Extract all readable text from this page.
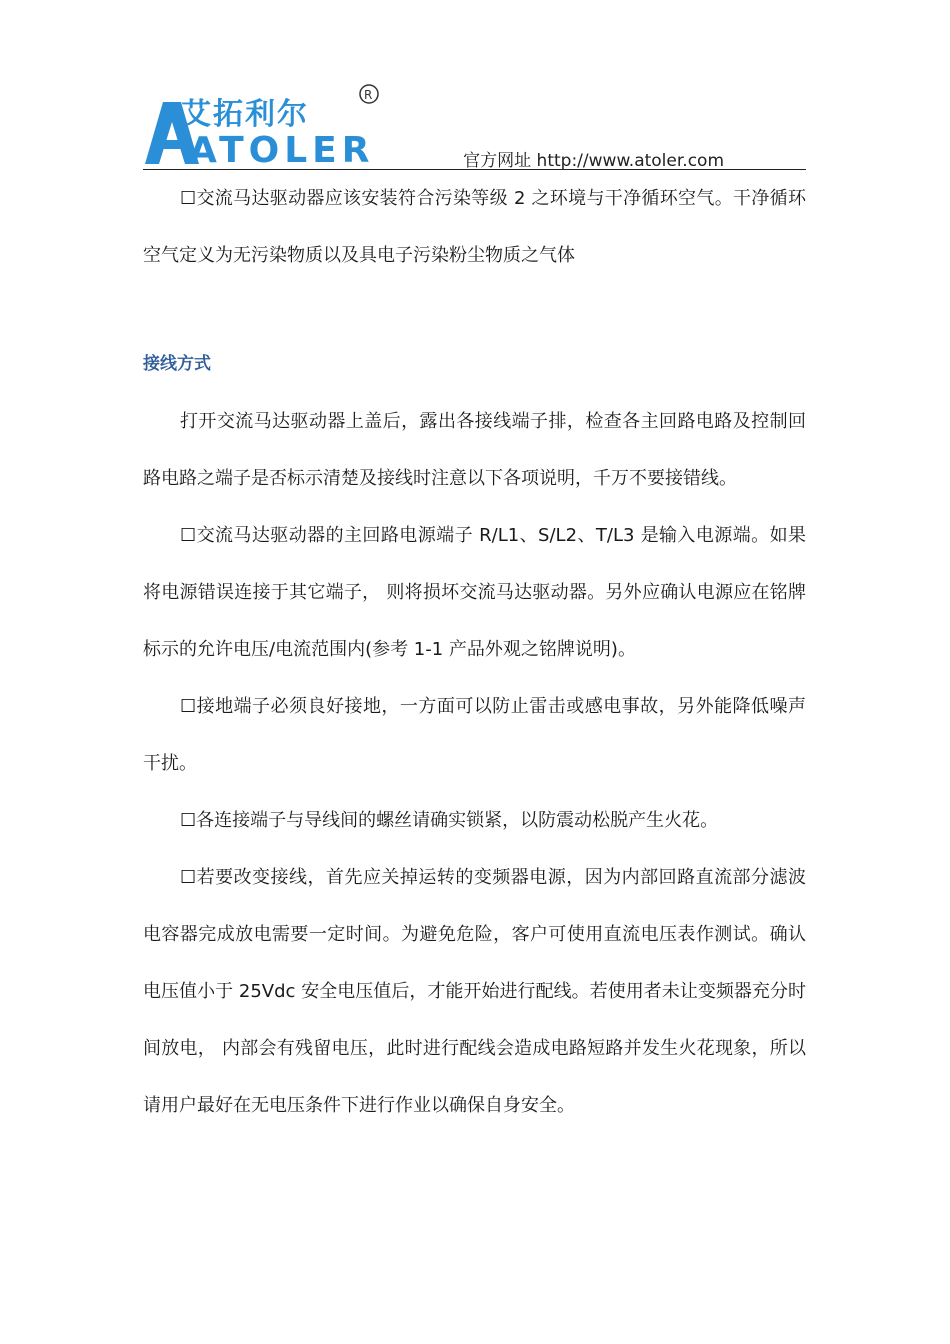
艾拓利尔
ATOLER
R
官方网址 http://www.atoler.com

☐交流马达驱动器应该安装符合污染等级 2 之环境与干净循环空气。干净循环空气定义为无污染物质以及具电子污染粉尘物质之气体

接线方式

打开交流马达驱动器上盖后，露出各接线端子排，检查各主回路电路及控制回路电路之端子是否标示清楚及接线时注意以下各项说明，千万不要接错线。

☐交流马达驱动器的主回路电源端子 R/L1、S/L2、T/L3 是输入电源端。如果将电源错误连接于其它端子， 则将损坏交流马达驱动器。另外应确认电源应在铭牌标示的允许电压/电流范围内(参考 1-1 产品外观之铭牌说明)。

☐接地端子必须良好接地，一方面可以防止雷击或感电事故，另外能降低噪声干扰。

☐各连接端子与导线间的螺丝请确实锁紧，以防震动松脱产生火花。

☐若要改变接线，首先应关掉运转的变频器电源，因为内部回路直流部分滤波电容器完成放电需要一定时间。为避免危险，客户可使用直流电压表作测试。确认电压值小于 25Vdc 安全电压值后，才能开始进行配线。若使用者未让变频器充分时间放电， 内部会有残留电压，此时进行配线会造成电路短路并发生火花现象，所以请用户最好在无电压条件下进行作业以确保自身安全。
